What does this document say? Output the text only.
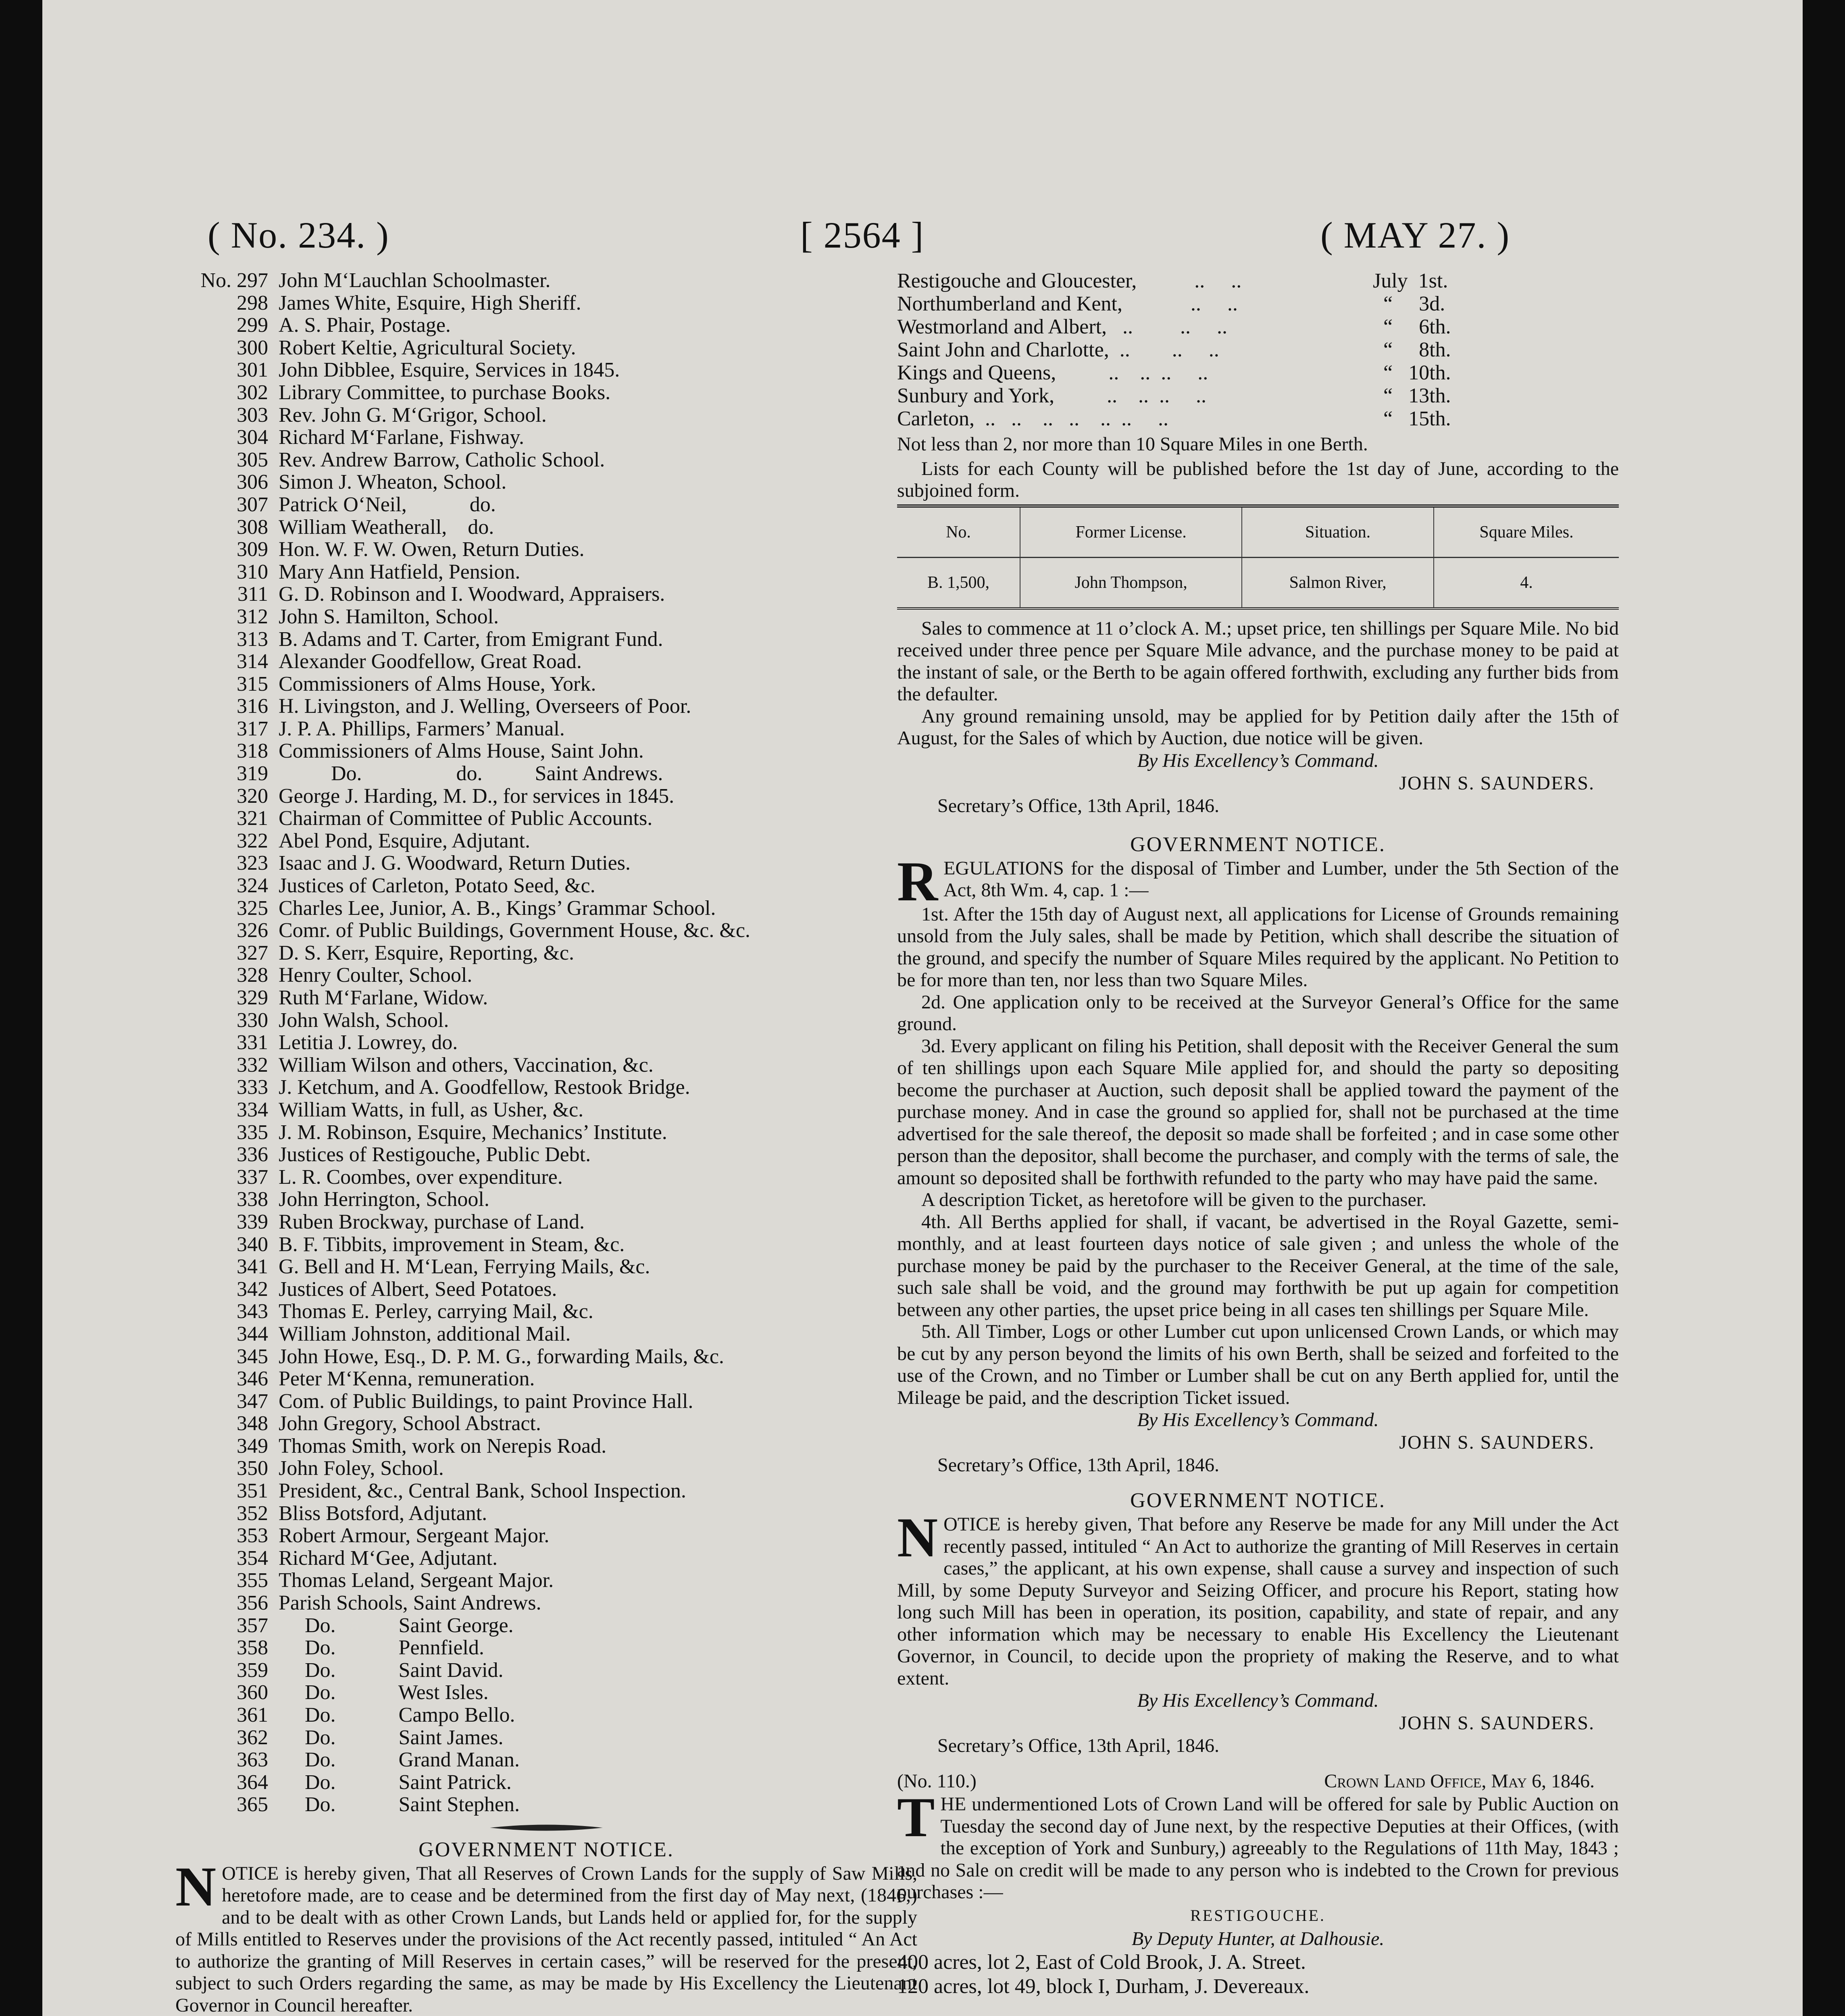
( No. 234. )	[ 2564 ]	( MAY 27. )
No. 297 John M‘Lauchlan Schoolmaster.
298 James White, Esquire, High Sheriff.
299 A. S. Phair, Postage.
300 Robert Keltie, Agricultural Society.
301 John Dibblee, Esquire, Services in 1845.
302 Library Committee, to purchase Books.
303 Rev. John G. M‘Grigor, School.
304 Richard M‘Farlane, Fishway.
305 Rev. Andrew Barrow, Catholic School.
306 Simon J. Wheaton, School.
307 Patrick O‘Neil,            do.
308 William Weatherall,    do.
309 Hon. W. F. W. Owen, Return Duties.
310 Mary Ann Hatfield, Pension.
311 G. D. Robinson and I. Woodward, Appraisers.
312 John S. Hamilton, School.
313 B. Adams and T. Carter, from Emigrant Fund.
314 Alexander Goodfellow, Great Road.
315 Commissioners of Alms House, York.
316 H. Livingston, and J. Welling, Overseers of Poor.
317 J. P. A. Phillips, Farmers’ Manual.
318 Commissioners of Alms House, Saint John.
319 Do.                  do.          Saint Andrews.
320 George J. Harding, M. D., for services in 1845.
321 Chairman of Committee of Public Accounts.
322 Abel Pond, Esquire, Adjutant.
323 Isaac and J. G. Woodward, Return Duties.
324 Justices of Carleton, Potato Seed, &c.
325 Charles Lee, Junior, A. B., Kings’ Grammar School.
326 Comr. of Public Buildings, Government House, &c. &c.
327 D. S. Kerr, Esquire, Reporting, &c.
328 Henry Coulter, School.
329 Ruth M‘Farlane, Widow.
330 John Walsh, School.
331 Letitia J. Lowrey, do.
332 William Wilson and others, Vaccination, &c.
333 J. Ketchum, and A. Goodfellow, Restook Bridge.
334 William Watts, in full, as Usher, &c.
335 J. M. Robinson, Esquire, Mechanics’ Institute.
336 Justices of Restigouche, Public Debt.
337 L. R. Coombes, over expenditure.
338 John Herrington, School.
339 Ruben Brockway, purchase of Land.
340 B. F. Tibbits, improvement in Steam, &c.
341 G. Bell and H. M‘Lean, Ferrying Mails, &c.
342 Justices of Albert, Seed Potatoes.
343 Thomas E. Perley, carrying Mail, &c.
344 William Johnston, additional Mail.
345 John Howe, Esq., D. P. M. G., forwarding Mails, &c.
346 Peter M‘Kenna, remuneration.
347 Com. of Public Buildings, to paint Province Hall.
348 John Gregory, School Abstract.
349 Thomas Smith, work on Nerepis Road.
350 John Foley, School.
351 President, &c., Central Bank, School Inspection.
352 Bliss Botsford, Adjutant.
353 Robert Armour, Sergeant Major.
354 Richard M‘Gee, Adjutant.
355 Thomas Leland, Sergeant Major.
356 Parish Schools, Saint Andrews.
357 Do.            Saint George.
358 Do.            Pennfield.
359 Do.            Saint David.
360 Do.            West Isles.
361 Do.            Campo Bello.
362 Do.            Saint James.
363 Do.            Grand Manan.
364 Do.            Saint Patrick.
365 Do.            Saint Stephen.

GOVERNMENT NOTICE.

NOTICE is hereby given, That all Reserves of Crown Lands for the supply of Saw Mills, heretofore made, are to cease and be determined from the first day of May next, (1846,) and to be dealt with as other Crown Lands, but Lands held or applied for, for the supply of Mills entitled to Reserves under the provisions of the Act recently passed, intituled “ An Act to authorize the granting of Mill Reserves in certain cases,” will be reserved for the present, subject to such Orders regarding the same, as may be made by His Excellency the Lieutenant Governor in Council hereafter.

Restigouche and Gloucester,           ..     ..	July  1st.
Northumberland and Kent,             ..     ..	“     3d.
Westmorland and Albert,   ..         ..     ..	“     6th.
Saint John and Charlotte,  ..        ..     ..	“     8th.
Kings and Queens,          ..    ..  ..     ..	“   10th.
Sunbury and York,          ..    ..  ..     ..	“   13th.
Carleton,  ..   ..    ..   ..    ..  ..     ..	“   15th.

Not less than 2, nor more than 10 Square Miles in one Berth.

Lists for each County will be published before the 1st day of June, according to the subjoined form.

No.	Former License.	Situation.	Square Miles.
B. 1,500,	John Thompson,	Salmon River,	4.

Sales to commence at 11 o’clock A. M.; upset price, ten shillings per Square Mile. No bid received under three pence per Square Mile advance, and the purchase money to be paid at the instant of sale, or the Berth to be again offered forthwith, excluding any further bids from the defaulter.

Any ground remaining unsold, may be applied for by Petition daily after the 15th of August, for the Sales of which by Auction, due notice will be given.

By His Excellency’s Command.

JOHN S. SAUNDERS.

Secretary’s Office, 13th April, 1846.

GOVERNMENT NOTICE.

REGULATIONS for the disposal of Timber and Lumber, under the 5th Section of the Act, 8th Wm. 4, cap. 1 :—

1st. After the 15th day of August next, all applications for License of Grounds remaining unsold from the July sales, shall be made by Petition, which shall describe the situation of the ground, and specify the number of Square Miles required by the applicant. No Petition to be for more than ten, nor less than two Square Miles.

2d. One application only to be received at the Surveyor General’s Office for the same ground.

3d. Every applicant on filing his Petition, shall deposit with the Receiver General the sum of ten shillings upon each Square Mile applied for, and should the party so depositing become the purchaser at Auction, such deposit shall be applied toward the payment of the purchase money. And in case the ground so applied for, shall not be purchased at the time advertised for the sale thereof, the deposit so made shall be forfeited ; and in case some other person than the depositor, shall become the purchaser, and comply with the terms of sale, the amount so deposited shall be forthwith refunded to the party who may have paid the same.

A description Ticket, as heretofore will be given to the purchaser.

4th. All Berths applied for shall, if vacant, be advertised in the Royal Gazette, semi-monthly, and at least fourteen days notice of sale given ; and unless the whole of the purchase money be paid by the purchaser to the Receiver General, at the time of the sale, such sale shall be void, and the ground may forthwith be put up again for competition between any other parties, the upset price being in all cases ten shillings per Square Mile.

5th. All Timber, Logs or other Lumber cut upon unlicensed Crown Lands, or which may be cut by any person beyond the limits of his own Berth, shall be seized and forfeited to the use of the Crown, and no Timber or Lumber shall be cut on any Berth applied for, until the Mileage be paid, and the description Ticket issued.

By His Excellency’s Command.

JOHN S. SAUNDERS.

Secretary’s Office, 13th April, 1846.

GOVERNMENT NOTICE.

NOTICE is hereby given, That before any Reserve be made for any Mill under the Act recently passed, intituled “ An Act to authorize the granting of Mill Reserves in certain cases,” the applicant, at his own expense, shall cause a survey and inspection of such Mill, by some Deputy Surveyor and Seizing Officer, and procure his Report, stating how long such Mill has been in operation, its position, capability, and state of repair, and any other information which may be necessary to enable His Excellency the Lieutenant Governor, in Council, to decide upon the propriety of making the Reserve, and to what extent.

By His Excellency’s Command.

JOHN S. SAUNDERS.

Secretary’s Office, 13th April, 1846.

(No. 110.)	Crown Land Office, May 6, 1846.

THE undermentioned Lots of Crown Land will be offered for sale by Public Auction on Tuesday the second day of June next, by the respective Deputies at their Offices, (with the exception of York and Sunbury,) agreeably to the Regulations of 11th May, 1843 ; and no Sale on credit will be made to any person who is indebted to the Crown for previous purchases :—

RESTIGOUCHE.

By Deputy Hunter, at Dalhousie.

400 acres, lot 2, East of Cold Brook, J. A. Street.

120 acres, lot 49, block I, Durham, J. Devereaux.
